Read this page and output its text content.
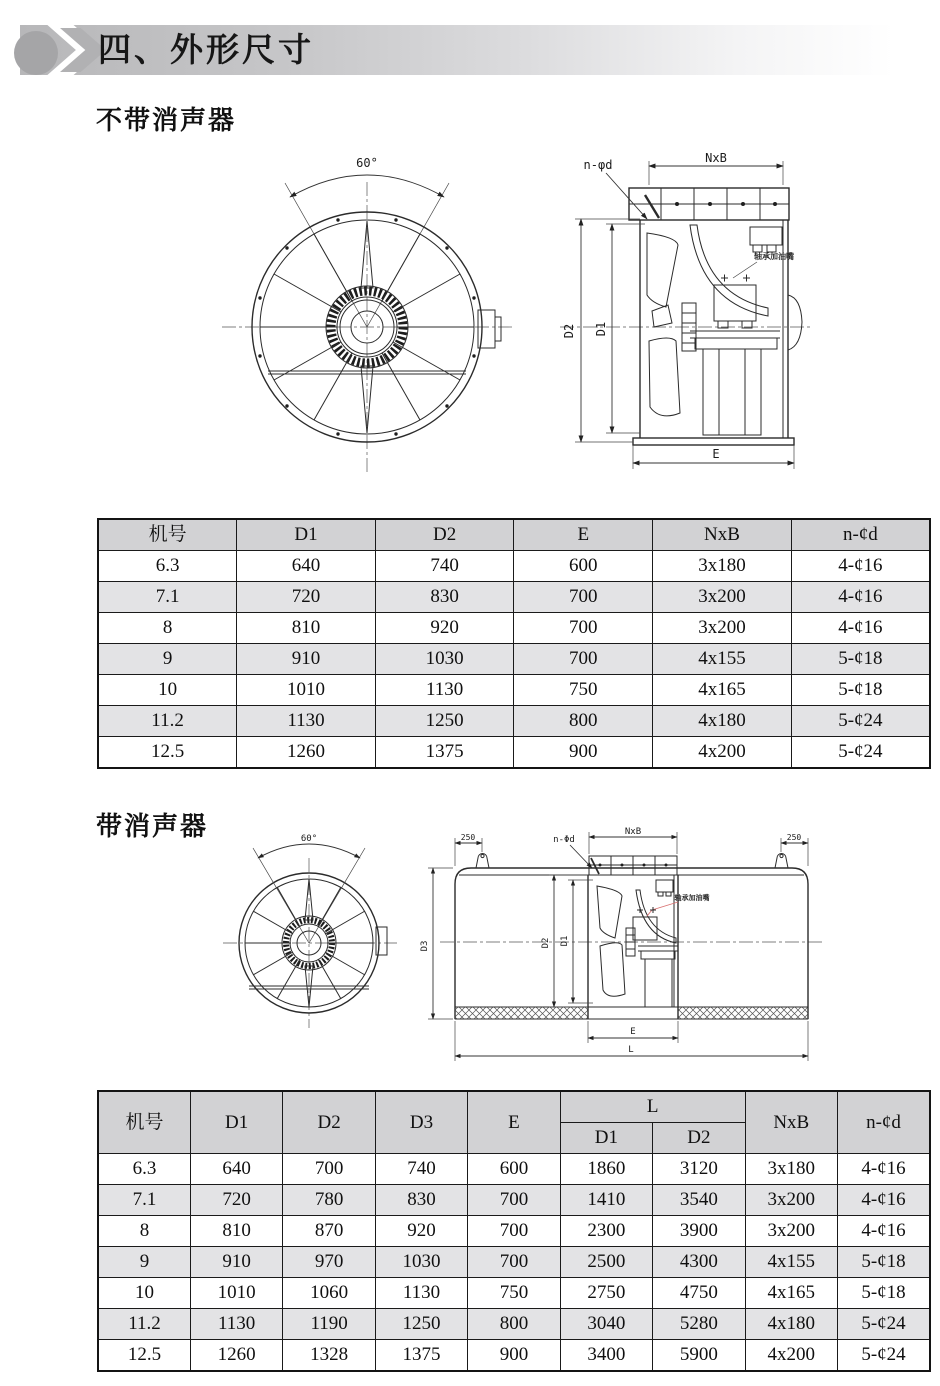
四、外形尺寸
不带消声器
60°	n-φd	NxB
轴承加油嘴
D2 D1
E
机号	D1	D2	E	NxB	n-¢d
6.3	640	740	600	3x180	4-¢16
7.1	720	830	700	3x200	4-¢16
8	810	920	700	3x200	4-¢16
9	910	1030	700	4x155	5-¢18
10	1010	1130	750	4x165	5-¢18
11.2	1130	1250	800	4x180	5-¢24
12.5	1260	1375	900	4x200	5-¢24
带消声器	60°
NxB
n-Φd
250	250
轴承加油嘴
D3	D2 D1
E
L
机号	D1	D2	D3	E	L		NxB	n-¢d
					D1	D2		
6.3	640	700	740	600	1860	3120	3x180	4-¢16
7.1	720	780	830	700	1410	3540	3x200	4-¢16
8	810	870	920	700	2300	3900	3x200	4-¢16
9	910	970	1030	700	2500	4300	4x155	5-¢18
10	1010	1060	1130	750	2750	4750	4x165	5-¢18
11.2	1130	1190	1250	800	3040	5280	4x180	5-¢24
12.5	1260	1328	1375	900	3400	5900	4x200	5-¢24
